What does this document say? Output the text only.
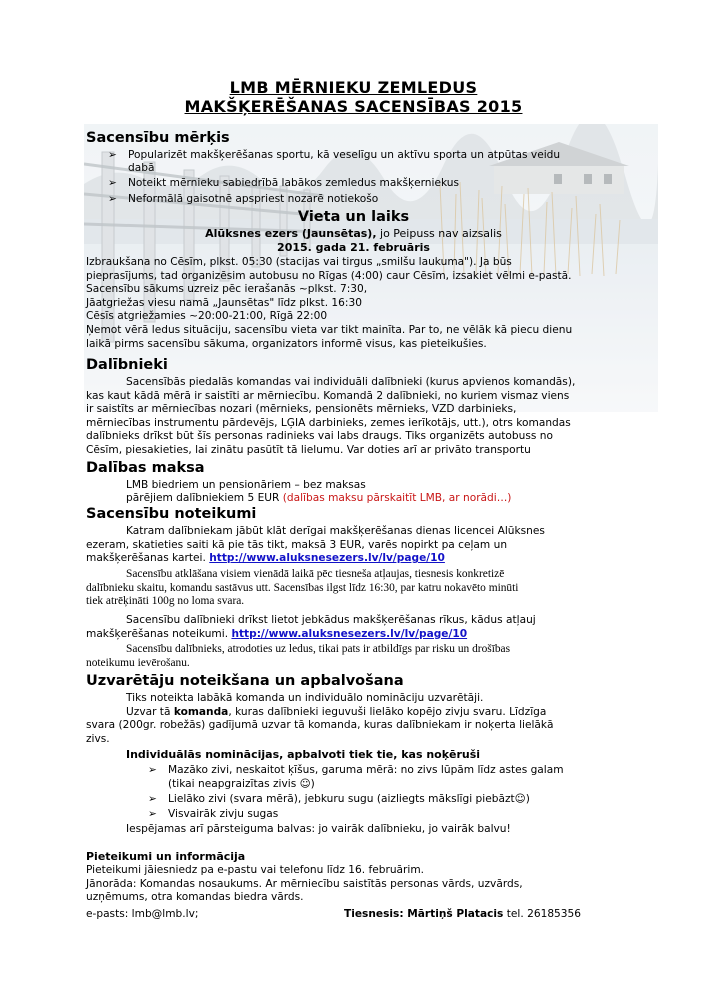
LMB MĒRNIEKU ZEMLEDUS
MAKŠĶERĒŠANAS SACENSĪBAS 2015
Sacensību mērķis
➢ Popularizēt makšķerēšanas sportu, kā veselīgu un aktīvu sporta un atpūtas veidu
dabā
➢ Noteikt mērnieku sabiedrībā labākos zemledus makšķerniekus
➢ Neformālā gaisotnē apspriest nozarē notiekošo
Vieta un laiks
Alūksnes ezers (Jaunsētas), jo Peipuss nav aizsalis
2015. gada 21. februāris
Izbraukšana no Cēsīm, plkst. 05:30 (stacijas vai tirgus „smilšu laukuma"). Ja būs
pieprasījums, tad organizēsim autobusu no Rīgas (4:00) caur Cēsīm, izsakiet vēlmi e-pastā.
Sacensību sākums uzreiz pēc ierašanās ~plkst. 7:30,
Jāatgriežas viesu namā „Jaunsētas" līdz plkst. 16:30
Cēsīs atgriežamies ~20:00-21:00, Rīgā 22:00
Ņemot vērā ledus situāciju, sacensību vieta var tikt mainīta. Par to, ne vēlāk kā piecu dienu
laikā pirms sacensību sākuma, organizators informē visus, kas pieteikušies.
Dalībnieki
Sacensībās piedalās komandas vai individuāli dalībnieki (kurus apvienos komandās),
kas kaut kādā mērā ir saistīti ar mērniecību. Komandā 2 dalībnieki, no kuriem vismaz viens
ir saistīts ar mērniecības nozari (mērnieks, pensionēts mērnieks, VZD darbinieks,
mērniecības instrumentu pārdevējs, LĢIA darbinieks, zemes ierīkotājs, utt.), otrs komandas
dalībnieks drīkst būt šīs personas radinieks vai labs draugs. Tiks organizēts autobuss no
Cēsīm, piesakieties, lai zinātu pasūtīt tā lielumu. Var doties arī ar privāto transportu
Dalības maksa
LMB biedriem un pensionāriem – bez maksas
pārējiem dalībniekiem 5 EUR (dalības maksu pārskaitīt LMB, ar norādi…)
Sacensību noteikumi
Katram dalībniekam jābūt klāt derīgai makšķerēšanas dienas licencei Alūksnes
ezeram, skatieties saiti kā pie tās tikt, maksā 3 EUR, varēs nopirkt pa ceļam un
makšķerēšanas kartei. http://www.aluksnesezers.lv/lv/page/10
Sacensību atklāšana visiem vienādā laikā pēc tiesneša atļaujas, tiesnesis konkretizē
dalībnieku skaitu, komandu sastāvus utt. Sacensības ilgst līdz 16:30, par katru nokavēto minūti
tiek atrēķināti 100g no loma svara.
Sacensību dalībnieki drīkst lietot jebkādus makšķerēšanas rīkus, kādus atļauj
makšķerēšanas noteikumi. http://www.aluksnesezers.lv/lv/page/10
Sacensību dalībnieks, atrodoties uz ledus, tikai pats ir atbildīgs par risku un drošības
noteikumu ievērošanu.
Uzvarētāju noteikšana un apbalvošana
Tiks noteikta labākā komanda un individuālo nomināciju uzvarētāji.
Uzvar tā komanda, kuras dalībnieki ieguvuši lielāko kopējo zivju svaru. Līdzīga
svara (200gr. robežās) gadījumā uzvar tā komanda, kuras dalībniekam ir noķerta lielākā
zivs.
Individuālās nominācijas, apbalvoti tiek tie, kas noķēruši
➢ Mazāko zivi, neskaitot ķīšus, garuma mērā: no zivs lūpām līdz astes galam
(tikai neapgraizītas zivis ☺)
➢ Lielāko zivi (svara mērā), jebkuru sugu (aizliegts mākslīgi piebāzt☺)
➢ Visvairāk zivju sugas
Iespējamas arī pārsteiguma balvas: jo vairāk dalībnieku, jo vairāk balvu!
Pieteikumi un informācija
Pieteikumi jāiesniedz pa e-pastu vai telefonu līdz 16. februārim.
Jānorāda: Komandas nosaukums. Ar mērniecību saistītās personas vārds, uzvārds,
uzņēmums, otra komandas biedra vārds.
e-pasts: lmb@lmb.lv;	Tiesnesis: Mārtiņš Platacis tel. 26185356
